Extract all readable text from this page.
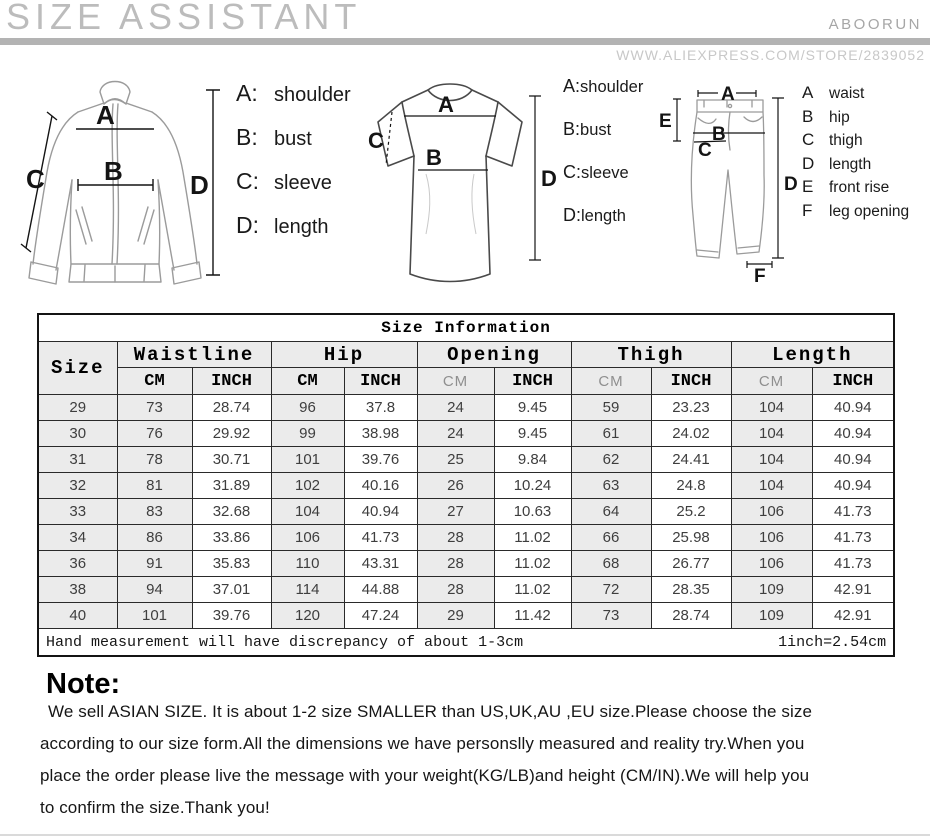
SIZE ASSISTANT	ABOORUN
WWW.ALIEXPRESS.COM/STORE/2839052
A
B
C	D
A: shoulder
B: bust
C: sleeve
D: length
A
B
C
D
A:shoulder
B:bust
C:sleeve
D:length
A
B
C
D
E
F
A waist
B hip
C thigh
D length
E front rise
F leg opening
Size Information										
Size	Waistline		Hip		Opening		Thigh		Length	
	CM	INCH	CM	INCH	CM	INCH	CM	INCH	CM	INCH
29	73	28.74	96	37.8	24	9.45	59	23.23	104	40.94
30	76	29.92	99	38.98	24	9.45	61	24.02	104	40.94
31	78	30.71	101	39.76	25	9.84	62	24.41	104	40.94
32	81	31.89	102	40.16	26	10.24	63	24.8	104	40.94
33	83	32.68	104	40.94	27	10.63	64	25.2	106	41.73
34	86	33.86	106	41.73	28	11.02	66	25.98	106	41.73
36	91	35.83	110	43.31	28	11.02	68	26.77	106	41.73
38	94	37.01	114	44.88	28	11.02	72	28.35	109	42.91
40	101	39.76	120	47.24	29	11.42	73	28.74	109	42.91

Hand measurement will have discrepancy of about 1-3cm 1inch=2.54cm										
Note:
We sell ASIAN SIZE. It is about 1-2 size SMALLER than US,UK,AU ,EU size.Please choose the size
according to our size form.All the dimensions we have personslly measured and reality try.When you
place the order please live the message with your weight(KG/LB)and height (CM/IN).We will help you
to confirm the size.Thank you!
